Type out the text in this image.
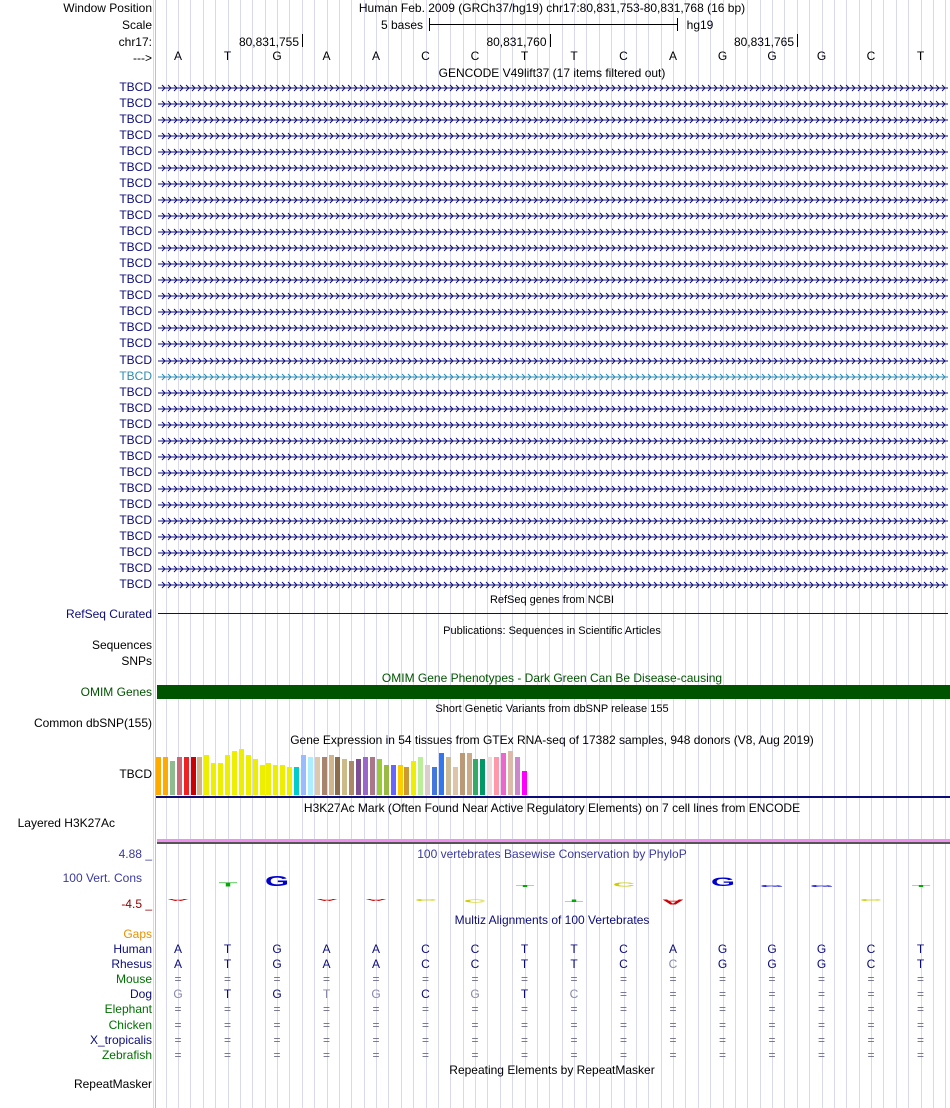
Window Position	Human Feb. 2009 (GRCh37/hg19) chr17:80,831,753-80,831,768 (16 bp)
Scale	5 bases	hg19
chr17:	80,831,755	80,831,760	80,831,765
--->	A	T	G	A	A	C	C	T	T	C	A	G	G	G	C	T
GENCODE V49lift37 (17 items filtered out)
TBCD
TBCD
TBCD
TBCD
TBCD
TBCD
TBCD
TBCD
TBCD
TBCD
TBCD
TBCD
TBCD
TBCD
TBCD
TBCD
TBCD
TBCD
TBCD
TBCD
TBCD
TBCD
TBCD
TBCD
TBCD
TBCD
TBCD
TBCD
TBCD
TBCD
TBCD
TBCD
RefSeq genes from NCBI
RefSeq Curated
Publications: Sequences in Scientific Articles
Sequences
SNPs
OMIM Gene Phenotypes - Dark Green Can Be Disease-causing
OMIM Genes
Short Genetic Variants from dbSNP release 155
Common dbSNP(155)
Gene Expression in 54 tissues from GTEx RNA-seq of 17382 samples, 948 donors (V8, Aug 2019)
TBCD
H3K27Ac Mark (Often Found Near Active Regulatory Elements) on 7 cell lines from ENCODE
Layered H3K27Ac
100 vertebrates Basewise Conservation by PhyloP
4.88 _
100 Vert. Cons
-4.5 _	A
T	G
A	A	C	C
T
T
C
A
G	G	G
C
T
Multiz Alignments of 100 Vertebrates
Gaps
Human	A	T	G	A	A	C	C	T	T	C	A	G	G	G	C	T
Rhesus	A	T	G	A	A	C	C	T	T	C	C	G	G	G	C	T
Mouse	=	=	=	=	=	=	=	=	=	=	=	=	=	=	=	=
Dog	G	T	G	T	G	C	G	T	C	=	=	=	=	=	=	=
Elephant	=	=	=	=	=	=	=	=	=	=	=	=	=	=	=	=
Chicken	=	=	=	=	=	=	=	=	=	=	=	=	=	=	=	=
X_tropicalis	=	=	=	=	=	=	=	=	=	=	=	=	=	=	=	=
Zebrafish	=	=	=	=	=	=	=	=	=	=	=	=	=	=	=	=
Repeating Elements by RepeatMasker
RepeatMasker
